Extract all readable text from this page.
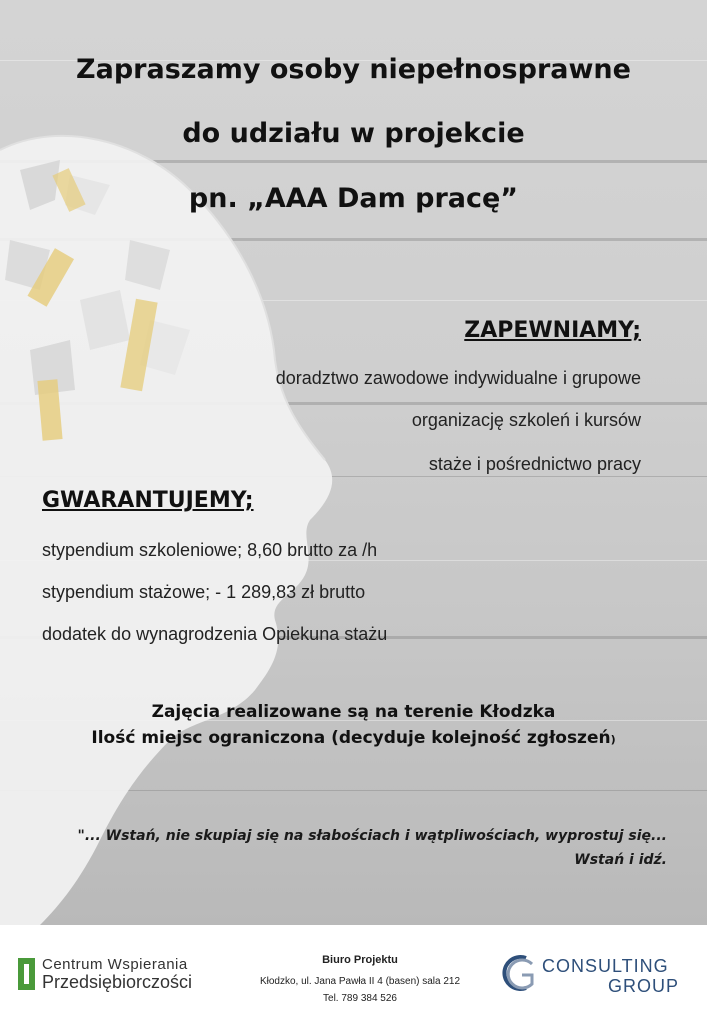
Zapraszamy osoby niepełnosprawne
do udziału w projekcie
pn. „AAA Dam pracę”
ZAPEWNIAMY;
doradztwo zawodowe indywidualne i grupowe
organizację szkoleń i kursów
staże i pośrednictwo pracy
GWARANTUJEMY;
stypendium szkoleniowe; 8,60 brutto za /h
stypendium stażowe; - 1 289,83 zł brutto
dodatek do wynagrodzenia Opiekuna stażu
Zajęcia realizowane są na terenie Kłodzka
Ilość miejsc ograniczona (decyduje kolejność zgłoszeń)
"... Wstań, nie skupiaj się na słabościach i wątpliwościach, wyprostuj się...
Wstań i idź.
Centrum Wspierania
Przedsiębiorczości
Biuro Projektu
Kłodzko, ul. Jana Pawła II 4 (basen) sala 212
Tel. 789 384 526
CONSULTING
GROUP
